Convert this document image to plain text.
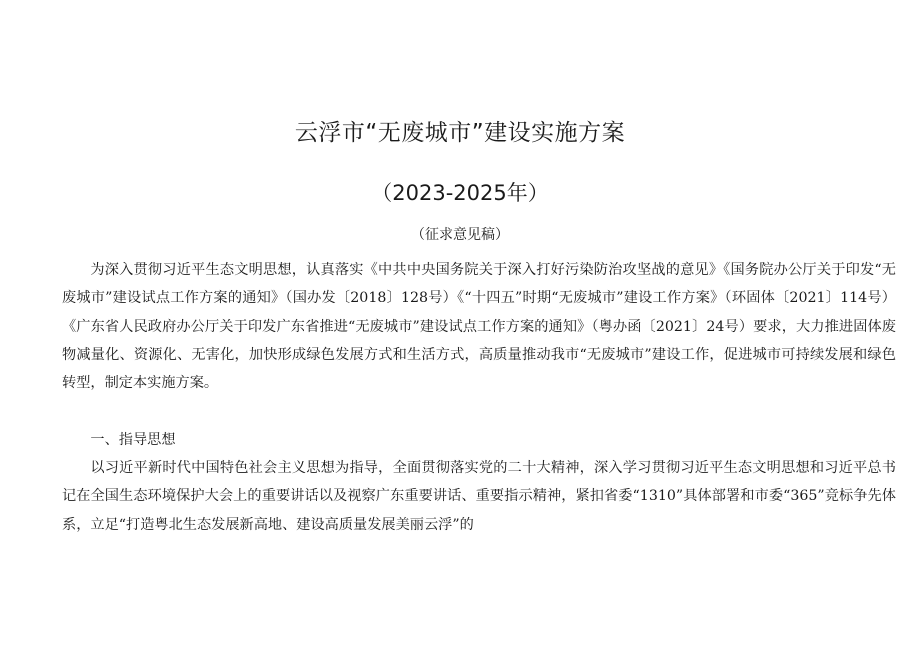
云浮市“无废城市”建设实施方案
（2023-2025年）
（征求意见稿）

为深入贯彻习近平生态文明思想，认真落实《中共中央国务院关于深入打好污染防治攻坚战的意见》《国务院办公厅关于印发“无废城市”建设试点工作方案的通知》（国办发〔2018〕128号）《“十四五”时期“无废城市”建设工作方案》（环固体〔2021〕114号）《广东省人民政府办公厅关于印发广东省推进“无废城市”建设试点工作方案的通知》（粤办函〔2021〕24号）要求，大力推进固体废物减量化、资源化、无害化，加快形成绿色发展方式和生活方式，高质量推动我市“无废城市”建设工作，促进城市可持续发展和绿色转型，制定本实施方案。

一、指导思想

以习近平新时代中国特色社会主义思想为指导，全面贯彻落实党的二十大精神，深入学习贯彻习近平生态文明思想和习近平总书记在全国生态环境保护大会上的重要讲话以及视察广东重要讲话、重要指示精神，紧扣省委“1310”具体部署和市委“365”竞标争先体系，立足“打造粤北生态发展新高地、建设高质量发展美丽云浮”的
